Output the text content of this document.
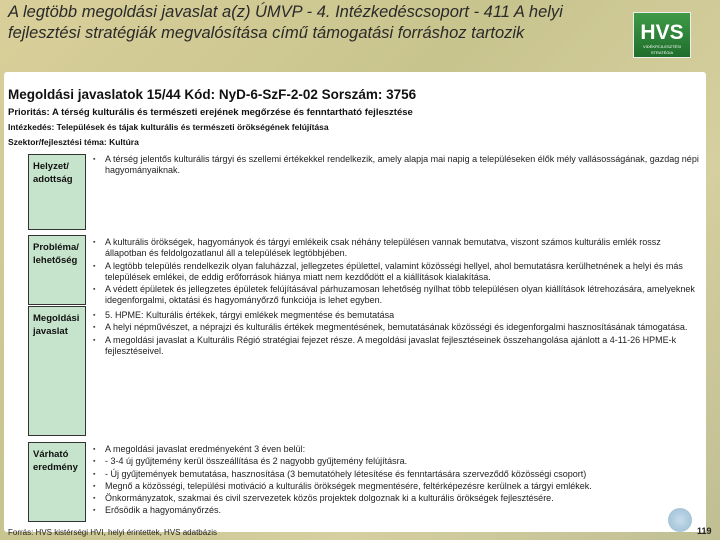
A legtöbb megoldási javaslat a(z) ÚMVP - 4. Intézkedéscsoport - 411 A helyi fejlesztési stratégiák megvalósítása című támogatási forráshoz tartozik	HVS
VIDÉKFEJLESZTÉSI STRATÉGIA
Megoldási javaslatok 15/44 Kód: NyD-6-SzF-2-02 Sorszám: 3756
Prioritás: A térség kulturális és természeti erejének megőrzése és fenntartható fejlesztése
Intézkedés: Települések és tájak kulturális és természeti örökségének felújítása
Szektor/fejlesztési téma: Kultúra
Helyzet/ adottság
▪ A térség jelentős kulturális tárgyi és szellemi értékekkel rendelkezik, amely alapja mai napig a településeken élők mély vallásosságának, gazdag népi hagyományaiknak.
Probléma/ lehetőség
▪ A kulturális örökségek, hagyományok és tárgyi emlékeik csak néhány településen vannak bemutatva, viszont számos kulturális emlék rossz állapotban és feldolgozatlanul áll a települések legtöbbjében.
▪ A legtöbb település rendelkezik olyan faluházzal, jellegzetes épülettel, valamint közösségi hellyel, ahol bemutatásra kerülhetnének a helyi és más települések emlékei, de eddig erőforrások hiánya miatt nem kezdődött el a kiállítások kialakítása.
▪ A védett épületek és jellegzetes épületek felújításával párhuzamosan lehetőség nyílhat több településen olyan kiállítások létrehozására, amelyeknek idegenforgalmi, oktatási és hagyományőrző funkciója is lehet egyben.
Megoldási javaslat
▪ 5. HPME: Kulturális értékek, tárgyi emlékek megmentése és bemutatása
▪ A helyi népművészet, a néprajzi és kulturális értékek megmentésének, bemutatásának közösségi és idegenforgalmi hasznosításának támogatása.
▪ A megoldási javaslat a Kulturális Régió stratégiai fejezet része. A megoldási javaslat fejlesztéseinek összehangolása ajánlott a 4-11-26 HPME-k fejlesztéseivel.
Várható eredmény
▪ A megoldási javaslat eredményeként 3 éven belül:
▪ - 3-4 új gyűjtemény kerül összeállítása és 2 nagyobb gyűjtemény felújításra.
▪ - Új gyűjtemények bemutatása, hasznosítása (3 bemutatóhely létesítése és fenntartására szerveződő közösségi csoport)
▪ Megnő a közösségi, települési motiváció a kulturális örökségek megmentésére, feltérképezésre kerülnek a tárgyi emlékek.
▪ Önkormányzatok, szakmai és civil szervezetek közös projektek dolgoznak ki a kulturális örökségek fejlesztésére.
▪ Erősödik a hagyományőrzés.
Forrás: HVS kistérségi HVI, helyi érintettek, HVS adatbázis	119
